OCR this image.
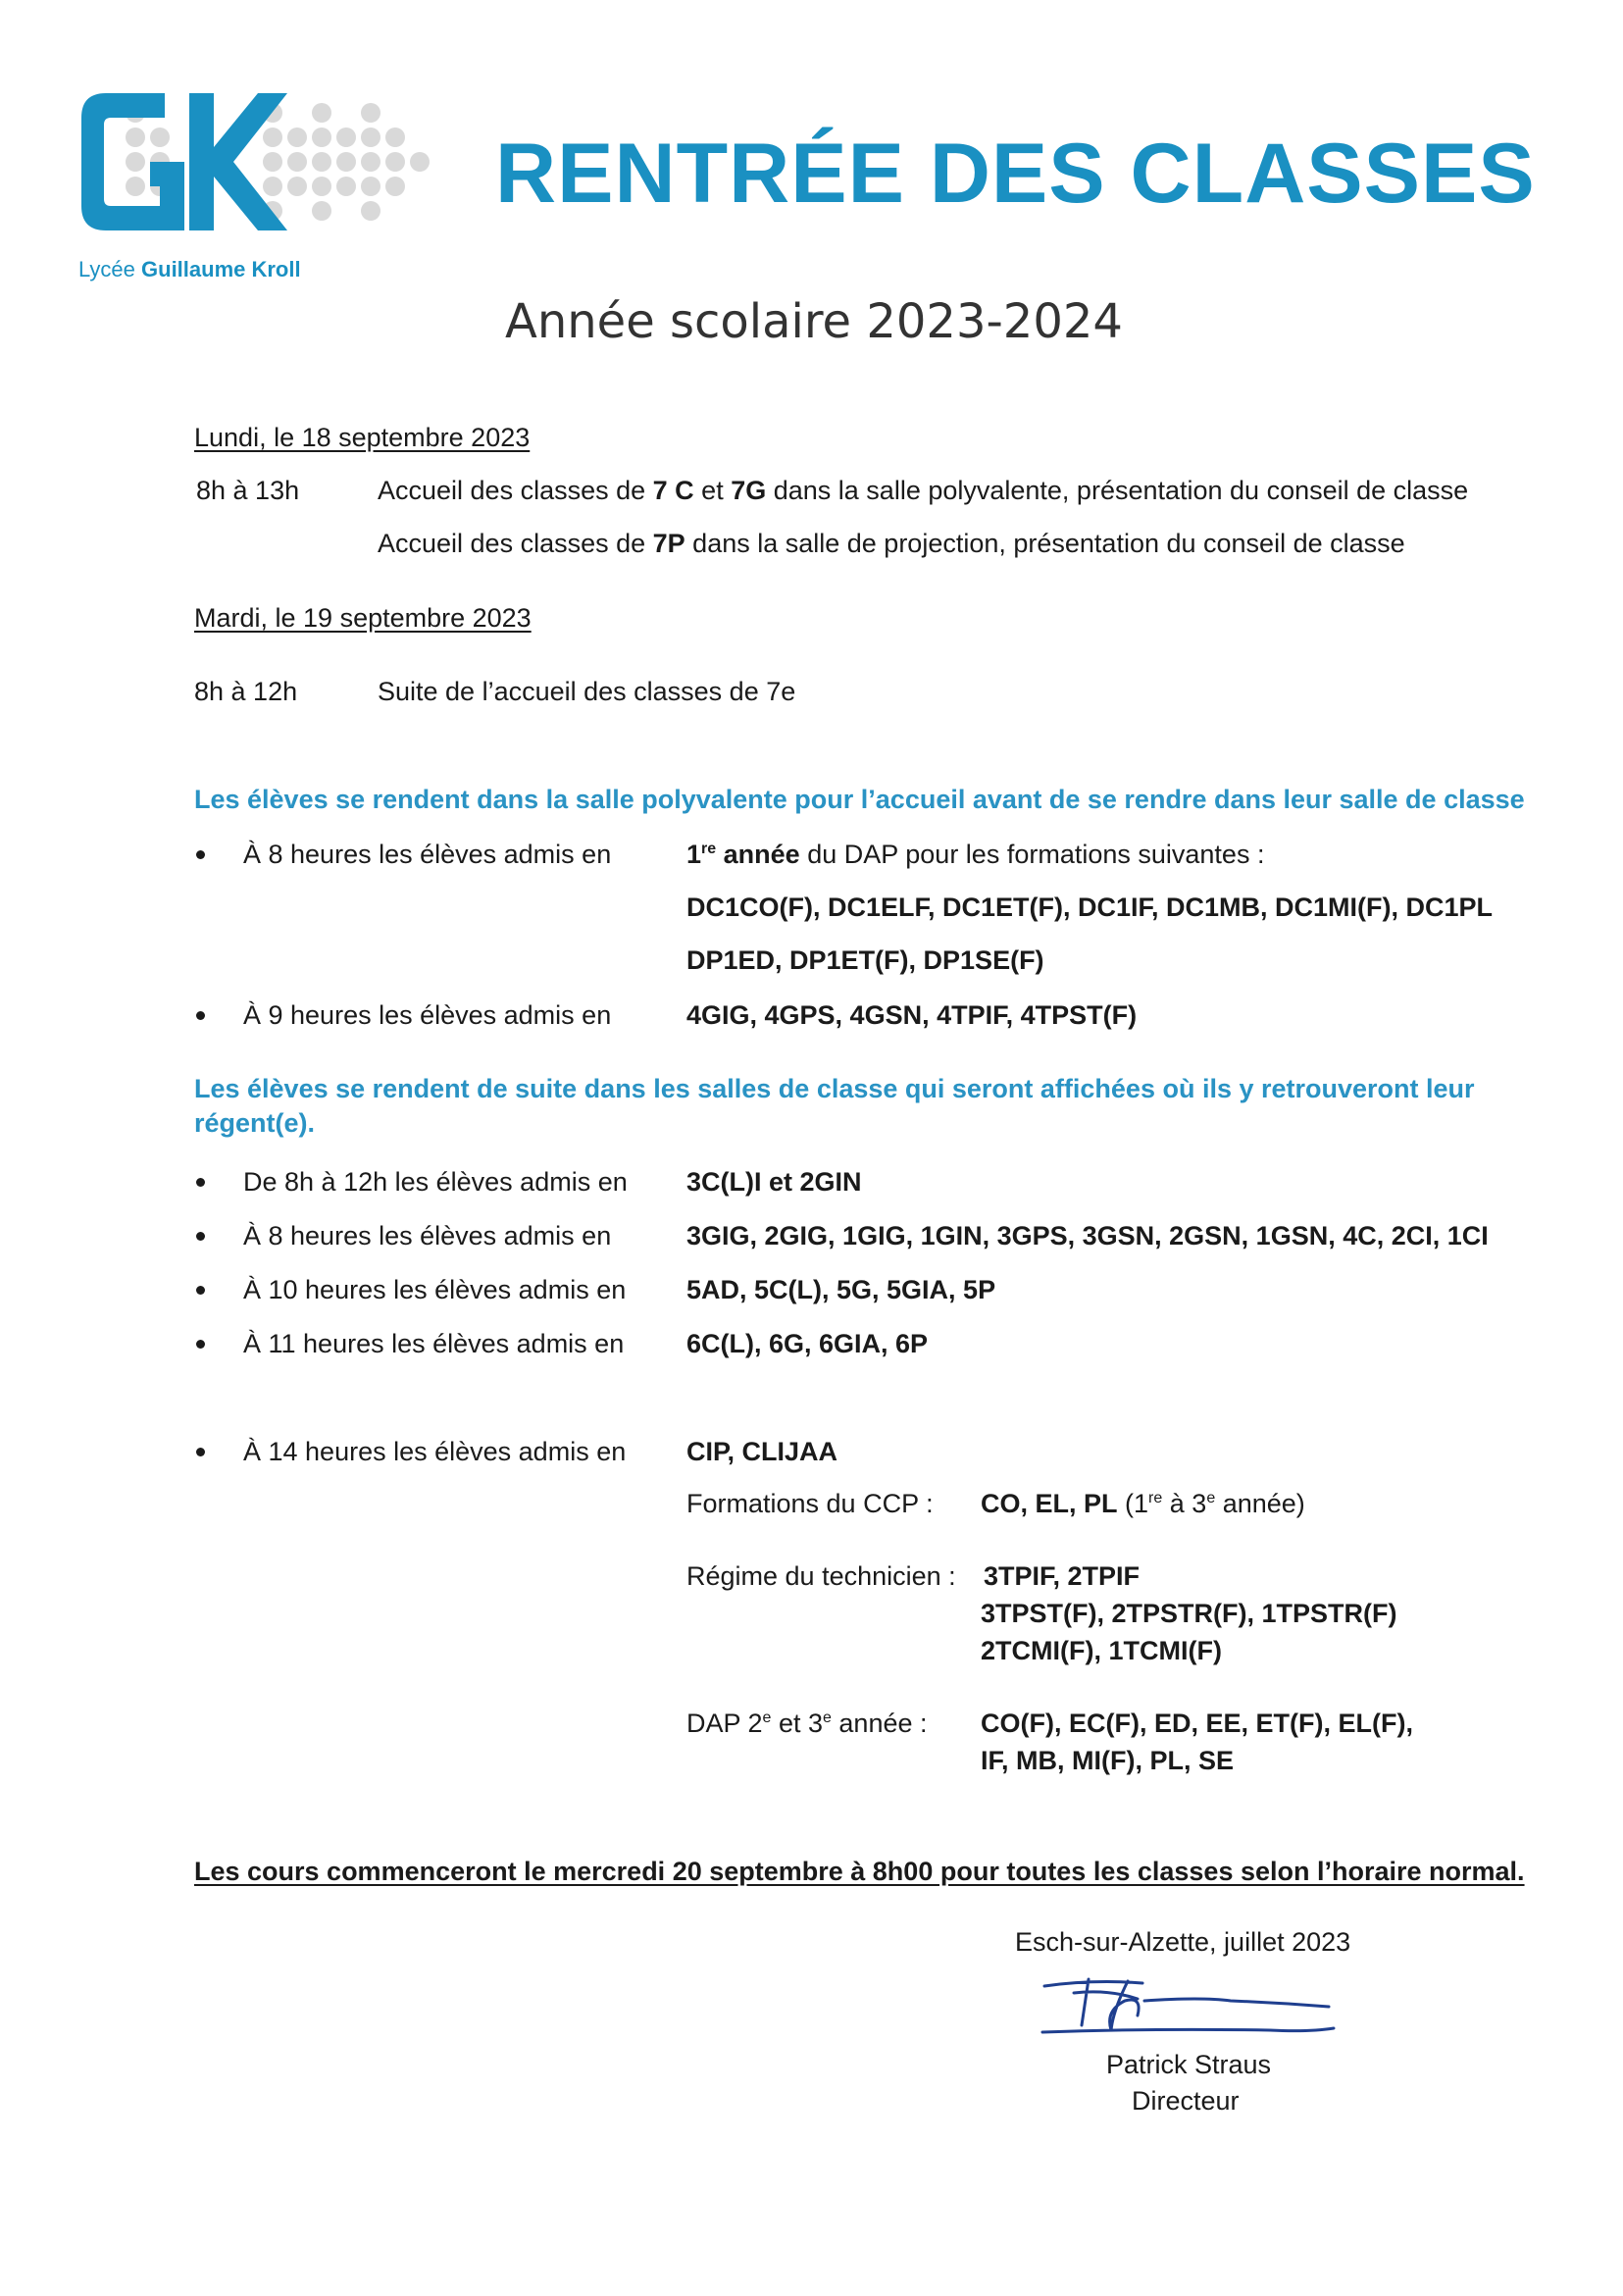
Lycée Guillaume Kroll
RENTRÉE DES CLASSES
Année scolaire 2023-2024
Lundi, le 18 septembre 2023
8h à 13h	Accueil des classes de 7 C et 7G dans la salle polyvalente, présentation du conseil de classe
Accueil des classes de 7P dans la salle de projection, présentation du conseil de classe
Mardi, le 19 septembre 2023
8h à 12h	Suite de l’accueil des classes de 7e
Les élèves se rendent dans la salle polyvalente pour l’accueil avant de se rendre dans leur salle de classe
À 8 heures les élèves admis en	1re année du DAP pour les formations suivantes :
DC1CO(F), DC1ELF, DC1ET(F), DC1IF, DC1MB, DC1MI(F), DC1PL
DP1ED, DP1ET(F), DP1SE(F)
À 9 heures les élèves admis en	4GIG, 4GPS, 4GSN, 4TPIF, 4TPST(F)
Les élèves se rendent de suite dans les salles de classe qui seront affichées où ils y retrouveront leur
régent(e).
De 8h à 12h les élèves admis en 3C(L)I et 2GIN
À 8 heures les élèves admis en	3GIG, 2GIG, 1GIG, 1GIN, 3GPS, 3GSN, 2GSN, 1GSN, 4C, 2CI, 1CI
À 10 heures les élèves admis en 5AD, 5C(L), 5G, 5GIA, 5P
À 11 heures les élèves admis en 6C(L), 6G, 6GIA, 6P
À 14 heures les élèves admis en CIP, CLIJAA
Formations du CCP : CO, EL, PL (1re à 3e année)
Régime du technicien : 3TPIF, 2TPIF
3TPST(F), 2TPSTR(F), 1TPSTR(F)
2TCMI(F), 1TCMI(F)
DAP 2e et 3e année : CO(F), EC(F), ED, EE, ET(F), EL(F),
IF, MB, MI(F), PL, SE
Les cours commenceront le mercredi 20 septembre à 8h00 pour toutes les classes selon l’horaire normal.
Esch-sur-Alzette, juillet 2023
Patrick Straus
Directeur
